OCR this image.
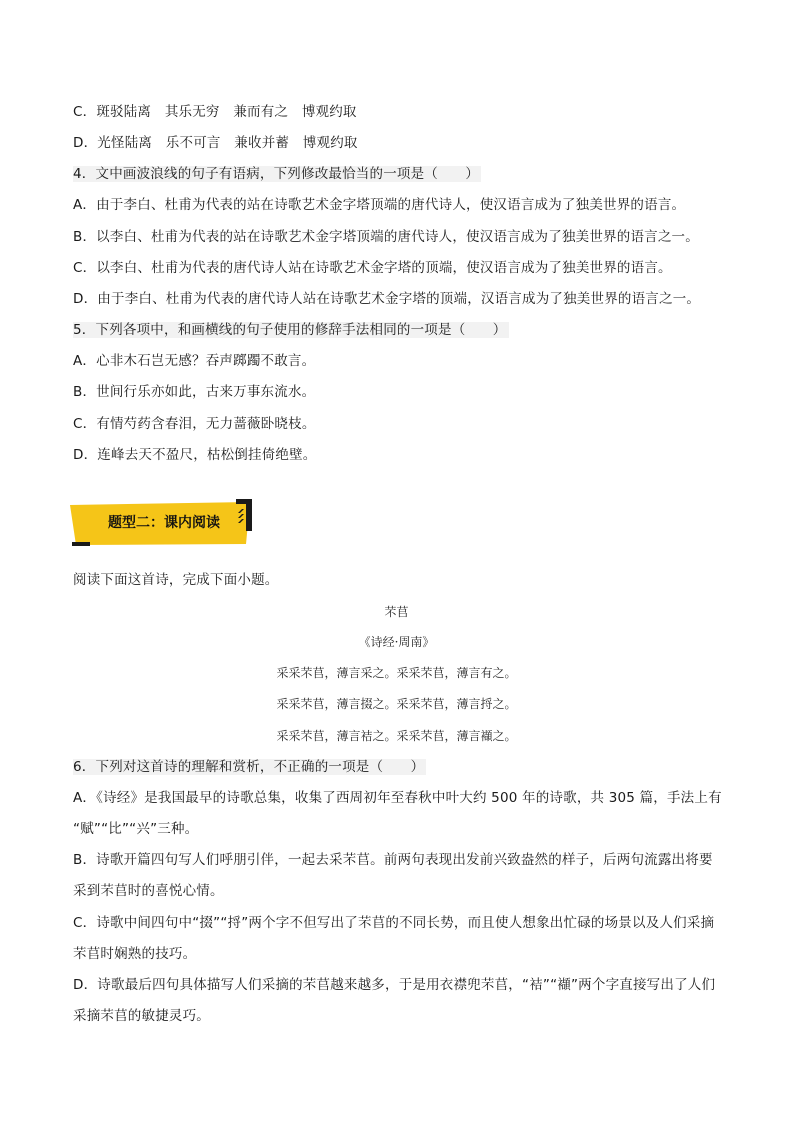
C．斑驳陆离　其乐无穷　兼而有之　博观约取
D．光怪陆离　乐不可言　兼收并蓄　博观约取
4．文中画波浪线的句子有语病，下列修改最恰当的一项是（　　）
A．由于李白、杜甫为代表的站在诗歌艺术金字塔顶端的唐代诗人，使汉语言成为了独美世界的语言。
B．以李白、杜甫为代表的站在诗歌艺术金字塔顶端的唐代诗人，使汉语言成为了独美世界的语言之一。
C．以李白、杜甫为代表的唐代诗人站在诗歌艺术金字塔的顶端，使汉语言成为了独美世界的语言。
D．由于李白、杜甫为代表的唐代诗人站在诗歌艺术金字塔的顶端，汉语言成为了独美世界的语言之一。
5．下列各项中，和画横线的句子使用的修辞手法相同的一项是（　　）
A．心非木石岂无感？吞声踯躅不敢言。
B．世间行乐亦如此，古来万事东流水。
C．有情芍药含春泪，无力蔷薇卧晓枝。
D．连峰去天不盈尺，枯松倒挂倚绝壁。
题型二：课内阅读
阅读下面这首诗，完成下面小题。
芣苢
《诗经·周南》
采采芣苢，薄言采之。采采芣苢，薄言有之。
采采芣苢，薄言掇之。采采芣苢，薄言捋之。
采采芣苢，薄言袺之。采采芣苢，薄言襭之。
6．下列对这首诗的理解和赏析，不正确的一项是（　　）
A．《诗经》是我国最早的诗歌总集，收集了西周初年至春秋中叶大约 500 年的诗歌，共 305 篇，手法上有
“赋”“比”“兴”三种。
B．诗歌开篇四句写人们呼朋引伴，一起去采芣苢。前两句表现出发前兴致盎然的样子，后两句流露出将要
采到芣苢时的喜悦心情。
C．诗歌中间四句中“掇”“捋”两个字不但写出了芣苢的不同长势，而且使人想象出忙碌的场景以及人们采摘
芣苢时娴熟的技巧。
D．诗歌最后四句具体描写人们采摘的芣苢越来越多，于是用衣襟兜芣苢，“袺”“襭”两个字直接写出了人们
采摘芣苢的敏捷灵巧。
